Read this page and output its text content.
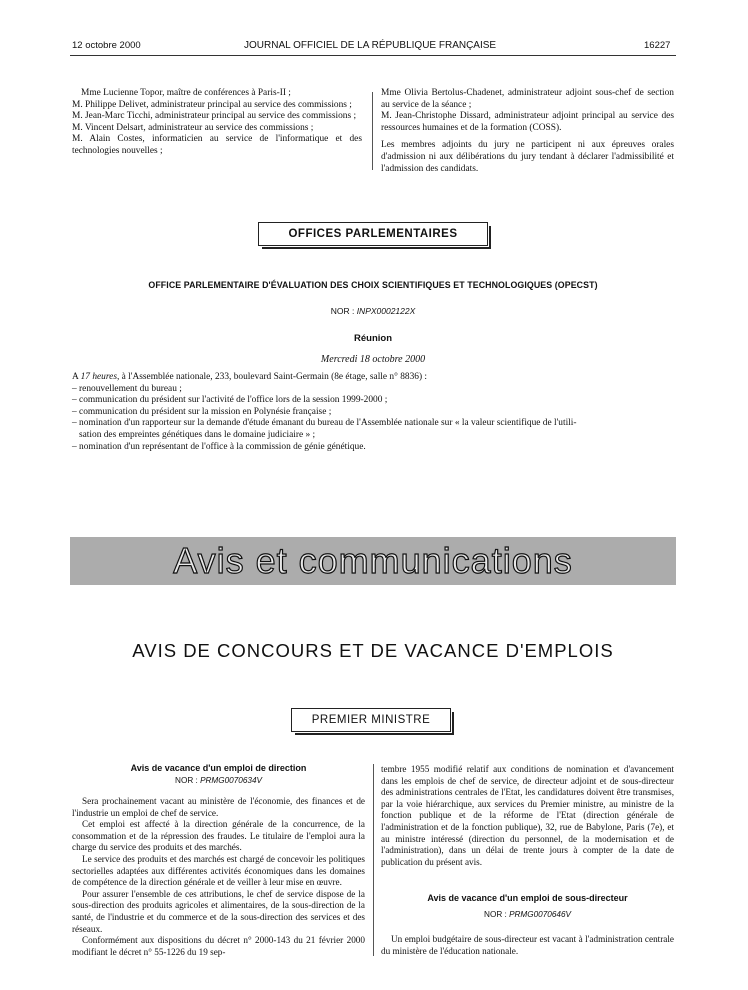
12 octobre 2000	JOURNAL OFFICIEL DE LA RÉPUBLIQUE FRANÇAISE	16227

Mme Lucienne Topor, maître de conférences à Paris-II ;

M. Philippe Delivet, administrateur principal au service des commissions ;

M. Jean-Marc Ticchi, administrateur principal au service des commissions ;

M. Vincent Delsart, administrateur au service des commissions ;

M. Alain Costes, informaticien au service de l'informatique et des technologies nouvelles ;

Mme Olivia Bertolus-Chadenet, administrateur adjoint sous-chef de section au service de la séance ;

M. Jean-Christophe Dissard, administrateur adjoint principal au service des ressources humaines et de la formation (COSS).

Les membres adjoints du jury ne participent ni aux épreuves orales d'admission ni aux délibérations du jury tendant à déclarer l'admissibilité et l'admission des candidats.

OFFICES PARLEMENTAIRES
OFFICE PARLEMENTAIRE D'ÉVALUATION DES CHOIX SCIENTIFIQUES ET TECHNOLOGIQUES (OPECST)
NOR : INPX0002122X
Réunion
Mercredi 18 octobre 2000

A 17 heures, à l'Assemblée nationale, 233, boulevard Saint-Germain (8e étage, salle n° 8836) :

– renouvellement du bureau ;

– communication du président sur l'activité de l'office lors de la session 1999-2000 ;

– communication du président sur la mission en Polynésie française ;

– nomination d'un rapporteur sur la demande d'étude émanant du bureau de l'Assemblée nationale sur « la valeur scientifique de l'utili-

sation des empreintes génétiques dans le domaine judiciaire » ;

– nomination d'un représentant de l'office à la commission de génie génétique.

Avis et communications
AVIS DE CONCOURS ET DE VACANCE D'EMPLOIS
PREMIER MINISTRE
Avis de vacance d'un emploi de direction
NOR : PRMG0070634V

Sera prochainement vacant au ministère de l'économie, des finances et de l'industrie un emploi de chef de service.

Cet emploi est affecté à la direction générale de la concurrence, de la consommation et de la répression des fraudes. Le titulaire de l'emploi aura la charge du service des produits et des marchés.

Le service des produits et des marchés est chargé de concevoir les politiques sectorielles adaptées aux différentes activités économiques dans les domaines de compétence de la direction générale et de veiller à leur mise en œuvre.

Pour assurer l'ensemble de ces attributions, le chef de service dispose de la sous-direction des produits agricoles et alimentaires, de la sous-direction de la santé, de l'industrie et du commerce et de la sous-direction des services et des réseaux.

Conformément aux dispositions du décret n° 2000-143 du 21 février 2000 modifiant le décret n° 55-1226 du 19 sep-

tembre 1955 modifié relatif aux conditions de nomination et d'avancement dans les emplois de chef de service, de directeur adjoint et de sous-directeur des administrations centrales de l'Etat, les candidatures doivent être transmises, par la voie hiérarchique, aux services du Premier ministre, au ministre de la fonction publique et de la réforme de l'Etat (direction générale de l'administration et de la fonction publique), 32, rue de Babylone, Paris (7e), et au ministre intéressé (direction du personnel, de la modernisation et de l'administration), dans un délai de trente jours à compter de la date de publication du présent avis.

Avis de vacance d'un emploi de sous-directeur
NOR : PRMG0070646V

Un emploi budgétaire de sous-directeur est vacant à l'administration centrale du ministère de l'éducation nationale.
